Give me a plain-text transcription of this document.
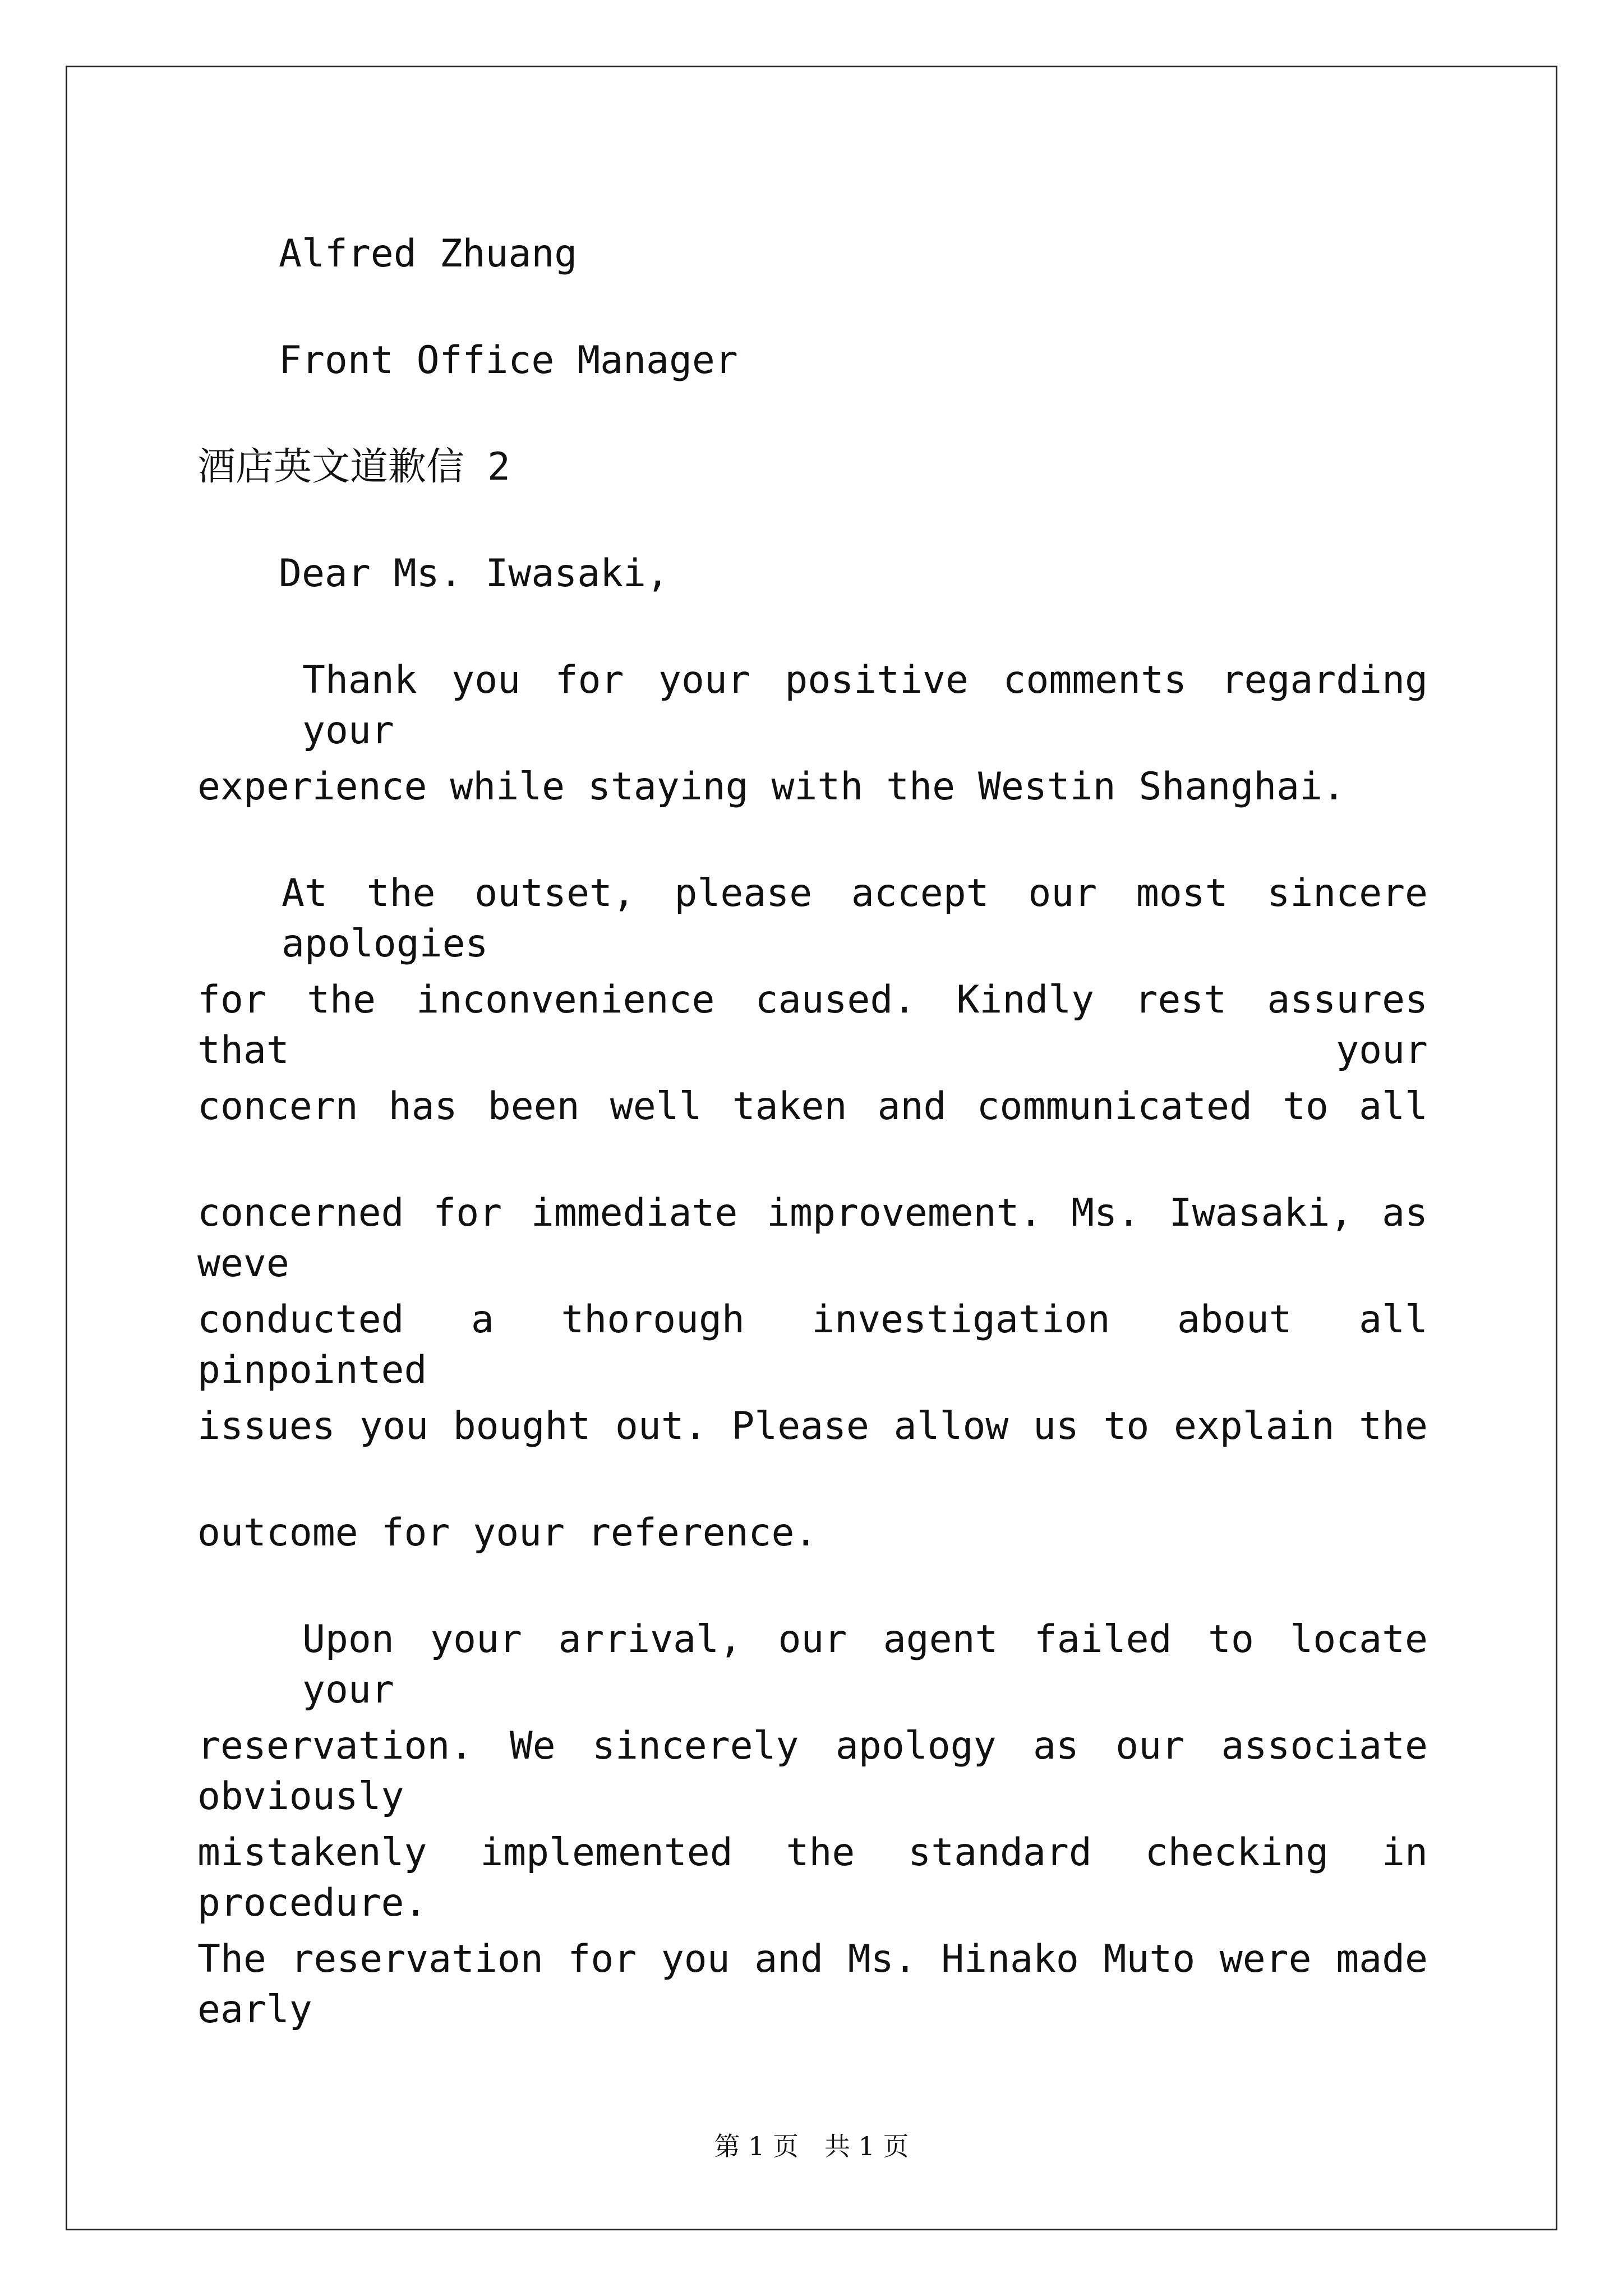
Alfred Zhuang
Front Office Manager
酒店英文道歉信 2
Dear Ms. Iwasaki,
Thank you for your positive comments regarding your
experience while staying with the Westin Shanghai.
At the outset, please accept our most sincere apologies
for the inconvenience caused. Kindly rest assures that your
concern has been well taken and communicated to all
concerned for immediate improvement. Ms. Iwasaki, as weve
conducted a thorough investigation about all pinpointed
issues you bought out. Please allow us to explain the
outcome for your reference.
Upon your arrival, our agent failed to locate your
reservation. We sincerely apology as our associate obviously
mistakenly implemented the standard checking in procedure.
The reservation for you and Ms. Hinako Muto were made early
第 1 页　共 1 页
